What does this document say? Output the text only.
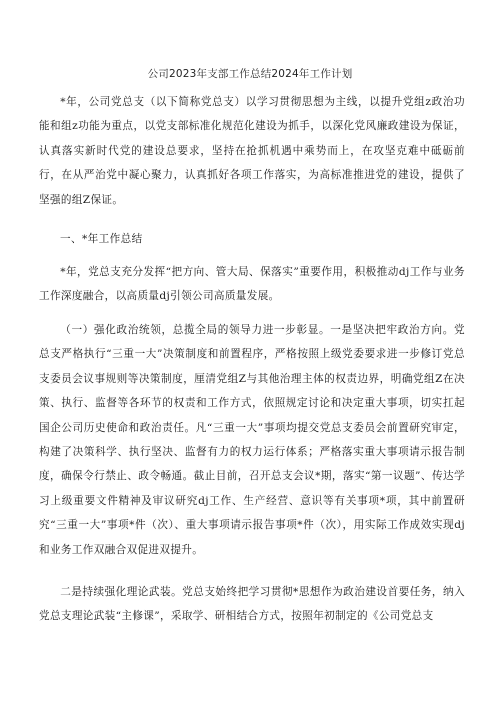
公司2023年支部工作总结2024年工作计划
*年，公司党总支（以下简称党总支）以学习贯彻思想为主线，以提升党组z政治功能和组z功能为重点，以党支部标准化规范化建设为抓手，以深化党风廉政建设为保证，认真落实新时代党的建设总要求，坚持在抢抓机遇中乘势而上，在攻坚克难中砥砺前行，在从严治党中凝心聚力，认真抓好各项工作落实，为高标准推进党的建设，提供了坚强的组Z保证。
一、*年工作总结
*年，党总支充分发挥“把方向、管大局、保落实”重要作用，积极推动dj工作与业务工作深度融合，以高质量dj引领公司高质量发展。
（一）强化政治统领，总揽全局的领导力进一步彰显。一是坚决把牢政治方向。党总支严格执行“三重一大”决策制度和前置程序，严格按照上级党委要求进一步修订党总支委员会议事规则等决策制度，厘清党组Z与其他治理主体的权责边界，明确党组Z在决策、执行、监督等各环节的权责和工作方式，依照规定讨论和决定重大事项，切实扛起国企公司历史使命和政治责任。凡“三重一大”事项均提交党总支委员会前置研究审定，构建了决策科学、执行坚决、监督有力的权力运行体系；严格落实重大事项请示报告制度，确保令行禁止、政令畅通。截止目前，召开总支会议*期，落实“第一议题”、传达学习上级重要文件精神及审议研究dj工作、生产经营、意识等有关事项*项，其中前置研究“三重一大”事项*件（次）、重大事项请示报告事项*件（次），用实际工作成效实现dj和业务工作双融合双促进双提升。
二是持续强化理论武装。党总支始终把学习贯彻*思想作为政治建设首要任务，纳入党总支理论武装“主修课”，采取学、研相结合方式，按照年初制定的《公司党总支
